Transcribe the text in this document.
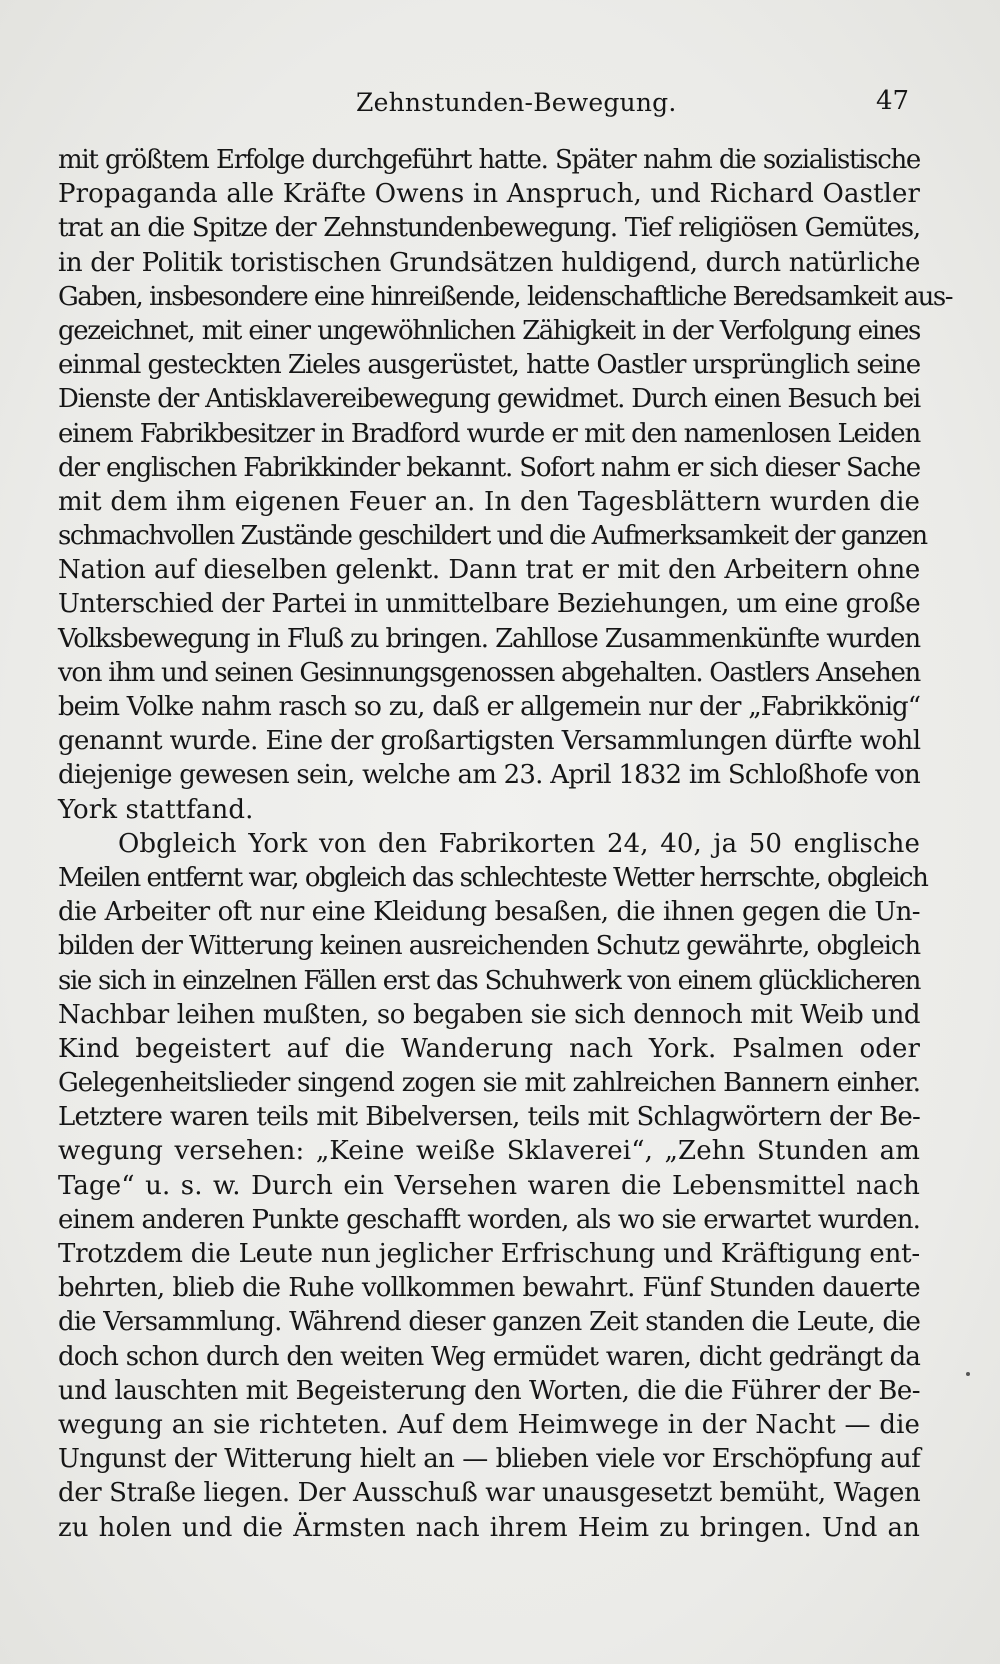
Zehnstunden-Bewegung.	47
mit größtem Erfolge durchgeführt hatte. Später nahm die sozialistische
Propaganda alle Kräfte Owens in Anspruch, und Richard Oastler
trat an die Spitze der Zehnstundenbewegung. Tief religiösen Gemütes,
in der Politik toristischen Grundsätzen huldigend, durch natürliche
Gaben, insbesondere eine hinreißende, leidenschaftliche Beredsamkeit aus-
gezeichnet, mit einer ungewöhnlichen Zähigkeit in der Verfolgung eines
einmal gesteckten Zieles ausgerüstet, hatte Oastler ursprünglich seine
Dienste der Antisklavereibewegung gewidmet. Durch einen Besuch bei
einem Fabrikbesitzer in Bradford wurde er mit den namenlosen Leiden
der englischen Fabrikkinder bekannt. Sofort nahm er sich dieser Sache
mit dem ihm eigenen Feuer an. In den Tagesblättern wurden die
schmachvollen Zustände geschildert und die Aufmerksamkeit der ganzen
Nation auf dieselben gelenkt. Dann trat er mit den Arbeitern ohne
Unterschied der Partei in unmittelbare Beziehungen, um eine große
Volksbewegung in Fluß zu bringen. Zahllose Zusammenkünfte wurden
von ihm und seinen Gesinnungsgenossen abgehalten. Oastlers Ansehen
beim Volke nahm rasch so zu, daß er allgemein nur der „Fabrikkönig“
genannt wurde. Eine der großartigsten Versammlungen dürfte wohl
diejenige gewesen sein, welche am 23. April 1832 im Schloßhofe von
York stattfand.
Obgleich York von den Fabrikorten 24, 40, ja 50 englische
Meilen entfernt war, obgleich das schlechteste Wetter herrschte, obgleich
die Arbeiter oft nur eine Kleidung besaßen, die ihnen gegen die Un-
bilden der Witterung keinen ausreichenden Schutz gewährte, obgleich
sie sich in einzelnen Fällen erst das Schuhwerk von einem glücklicheren
Nachbar leihen mußten, so begaben sie sich dennoch mit Weib und
Kind begeistert auf die Wanderung nach York. Psalmen oder
Gelegenheitslieder singend zogen sie mit zahlreichen Bannern einher.
Letztere waren teils mit Bibelversen, teils mit Schlagwörtern der Be-
wegung versehen: „Keine weiße Sklaverei“, „Zehn Stunden am
Tage“ u. s. w. Durch ein Versehen waren die Lebensmittel nach
einem anderen Punkte geschafft worden, als wo sie erwartet wurden.
Trotzdem die Leute nun jeglicher Erfrischung und Kräftigung ent-
behrten, blieb die Ruhe vollkommen bewahrt. Fünf Stunden dauerte
die Versammlung. Während dieser ganzen Zeit standen die Leute, die
doch schon durch den weiten Weg ermüdet waren, dicht gedrängt da
und lauschten mit Begeisterung den Worten, die die Führer der Be-
wegung an sie richteten. Auf dem Heimwege in der Nacht — die
Ungunst der Witterung hielt an — blieben viele vor Erschöpfung auf
der Straße liegen. Der Ausschuß war unausgesetzt bemüht, Wagen
zu holen und die Ärmsten nach ihrem Heim zu bringen. Und an
